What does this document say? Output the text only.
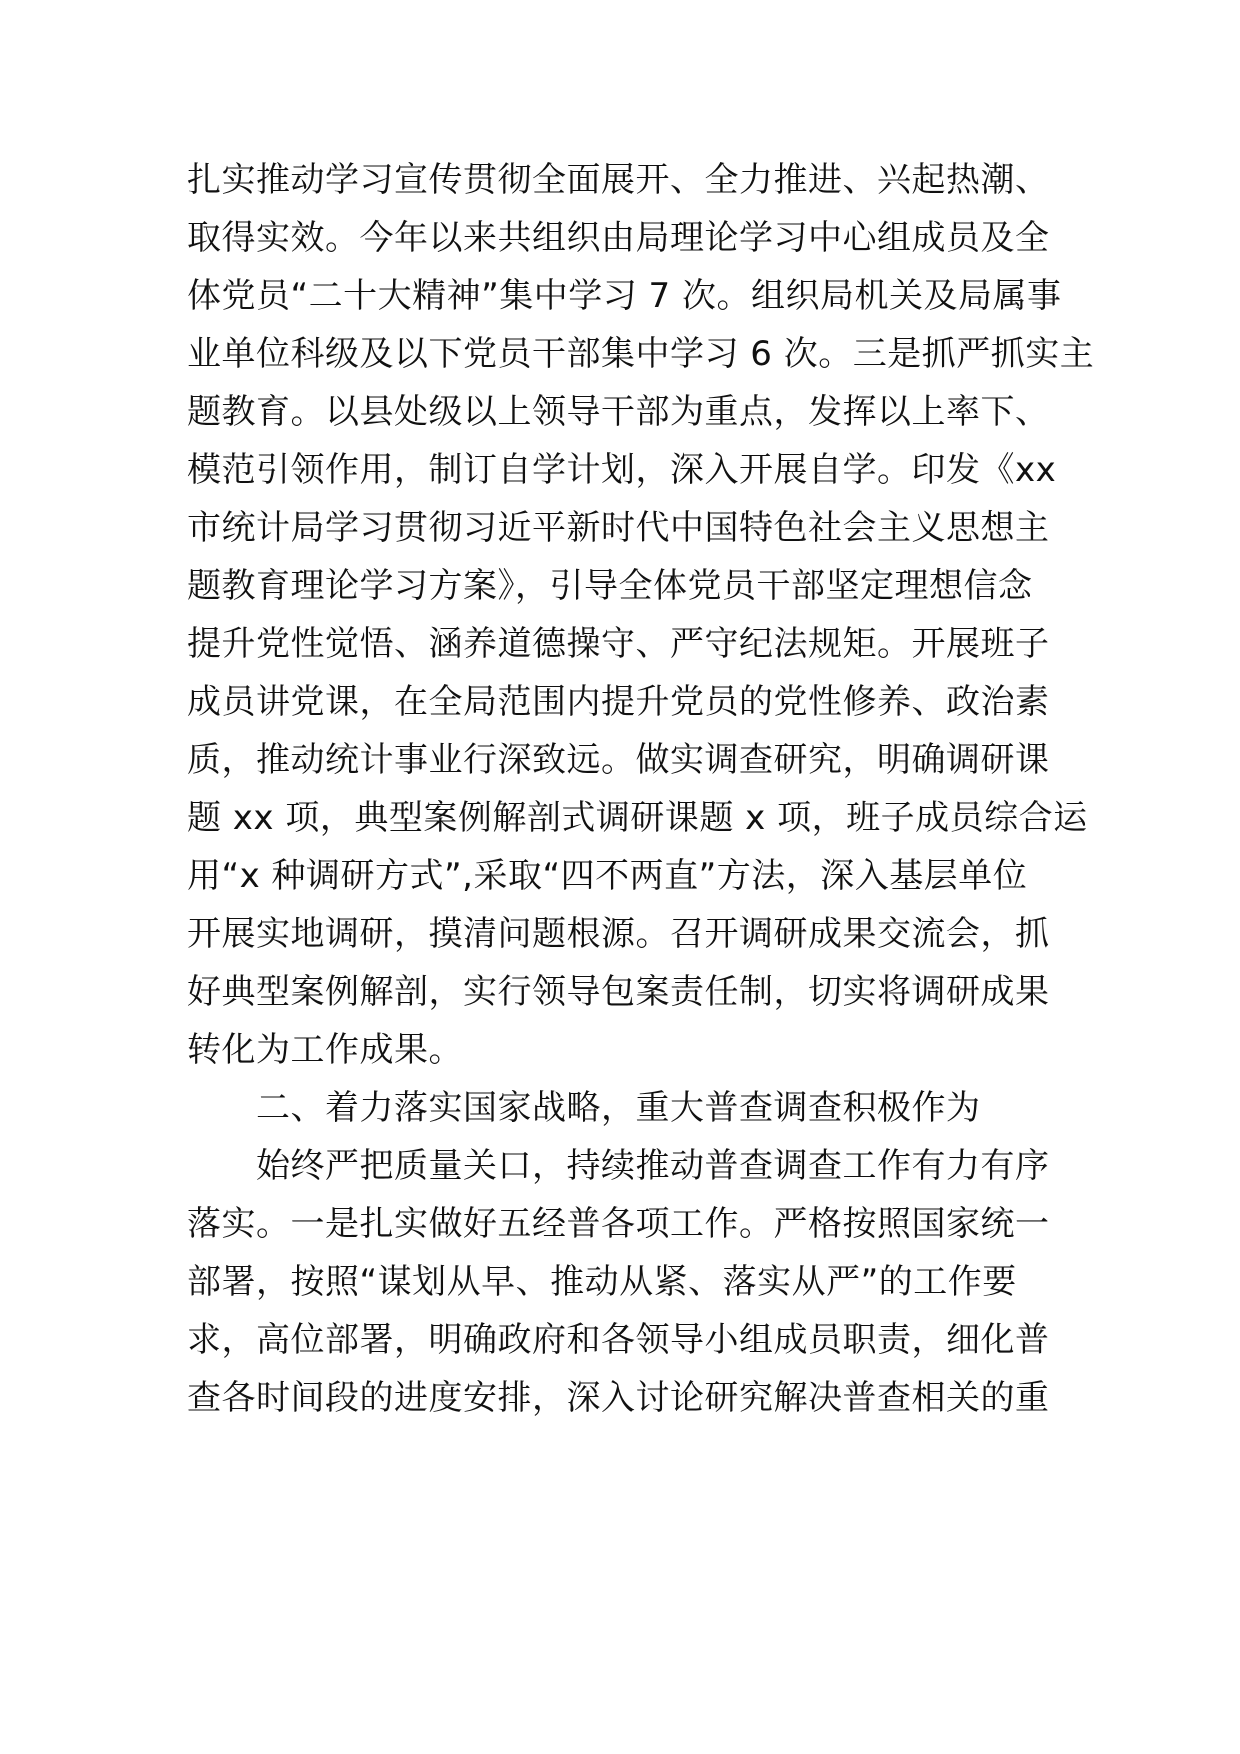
扎实推动学习宣传贯彻全面展开、全力推进、兴起热潮、
取得实效。今年以来共组织由局理论学习中心组成员及全
体党员“二十大精神”集中学习 7 次。组织局机关及局属事
业单位科级及以下党员干部集中学习 6 次。三是抓严抓实主
题教育。以县处级以上领导干部为重点，发挥以上率下、
模范引领作用，制订自学计划，深入开展自学。印发《xx
市统计局学习贯彻习近平新时代中国特色社会主义思想主
题教育理论学习方案》，引导全体党员干部坚定理想信念
提升党性觉悟、涵养道德操守、严守纪法规矩。开展班子
成员讲党课，在全局范围内提升党员的党性修养、政治素
质，推动统计事业行深致远。做实调查研究，明确调研课
题 xx 项，典型案例解剖式调研课题 x 项，班子成员综合运
用“x 种调研方式”,采取“四不两直”方法，深入基层单位
开展实地调研，摸清问题根源。召开调研成果交流会，抓
好典型案例解剖，实行领导包案责任制，切实将调研成果
转化为工作成果。
二、着力落实国家战略，重大普查调查积极作为
始终严把质量关口，持续推动普查调查工作有力有序
落实。一是扎实做好五经普各项工作。严格按照国家统一
部署，按照“谋划从早、推动从紧、落实从严”的工作要
求，高位部署，明确政府和各领导小组成员职责，细化普
查各时间段的进度安排，深入讨论研究解决普查相关的重
